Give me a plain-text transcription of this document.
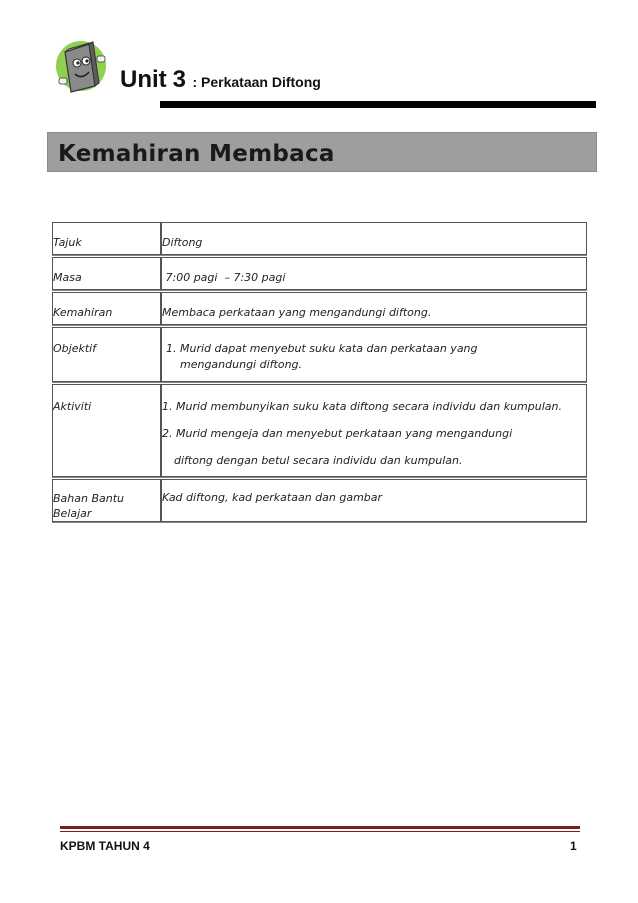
Unit 3 : Perkataan Diftong
Kemahiran Membaca
Tajuk	Diftong

Masa	7:00 pagi  – 7:30 pagi

Kemahiran	Membaca perkataan yang mengandungi diftong.

Objektif	1. Murid dapat menyebut suku kata dan perkataan yang
mengandungi diftong.

Aktiviti	1. Murid membunyikan suku kata diftong secara individu dan kumpulan.
2. Murid mengeja dan menyebut perkataan yang mengandungi
diftong dengan betul secara individu dan kumpulan.

Bahan Bantu
Belajar	Kad diftong, kad perkataan dan gambar
KPBM TAHUN 4	1
